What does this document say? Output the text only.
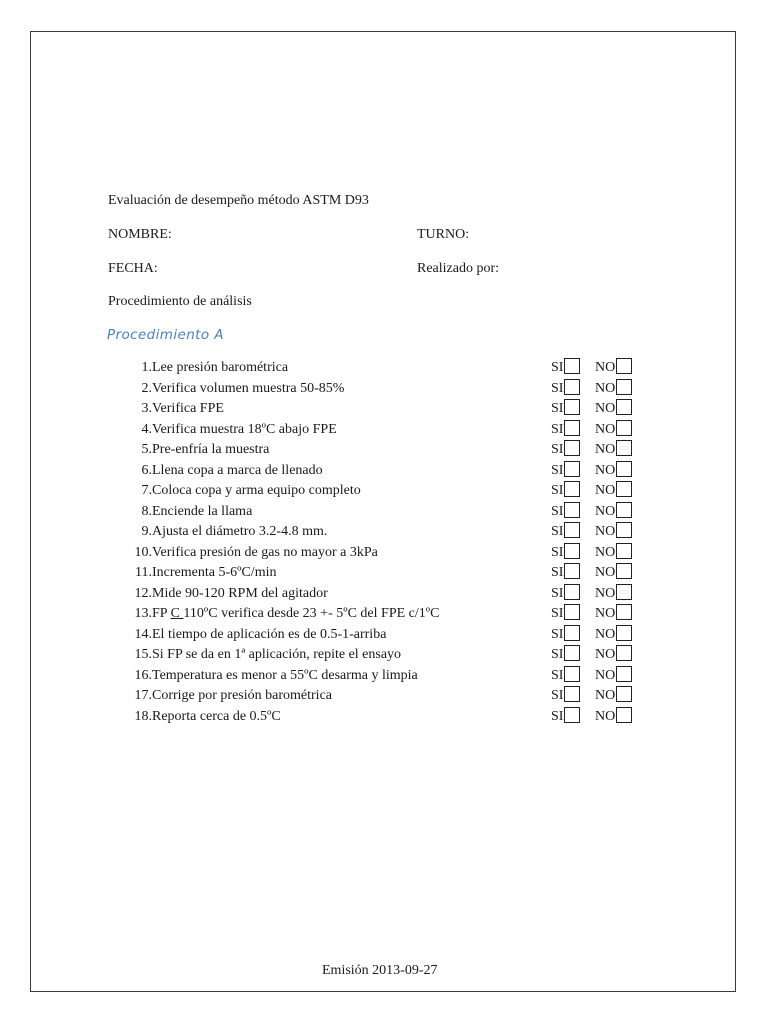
Evaluación de desempeño método ASTM D93
NOMBRE:	TURNO:
FECHA:	Realizado por:
Procedimiento de análisis
Procedimiento A
1. Lee presión barométrica	SI	NO
2. Verifica volumen muestra 50-85%	SI	NO
3. Verifica FPE	SI	NO
4. Verifica muestra 18ºC abajo FPE	SI	NO
5. Pre-enfría la muestra	SI	NO
6. Llena copa a marca de llenado	SI	NO
7. Coloca copa y arma equipo completo	SI	NO
8. Enciende la llama	SI	NO
9. Ajusta el diámetro 3.2-4.8 mm.	SI	NO
10. Verifica presión de gas no mayor a 3kPa	SI	NO
11. Incrementa 5-6ºC/min	SI	NO
12. Mide 90-120 RPM del agitador	SI	NO
13. FP C 110ºC verifica desde 23 +- 5ºC del FPE c/1ºC	SI	NO
14. El tiempo de aplicación es de 0.5-1-arriba	SI	NO
15. Si FP se da en 1ª aplicación, repite el ensayo	SI	NO
16. Temperatura es menor a 55ºC desarma y limpia	SI	NO
17. Corrige por presión barométrica	SI	NO
18. Reporta cerca de 0.5ºC	SI	NO
Emisión 2013-09-27
